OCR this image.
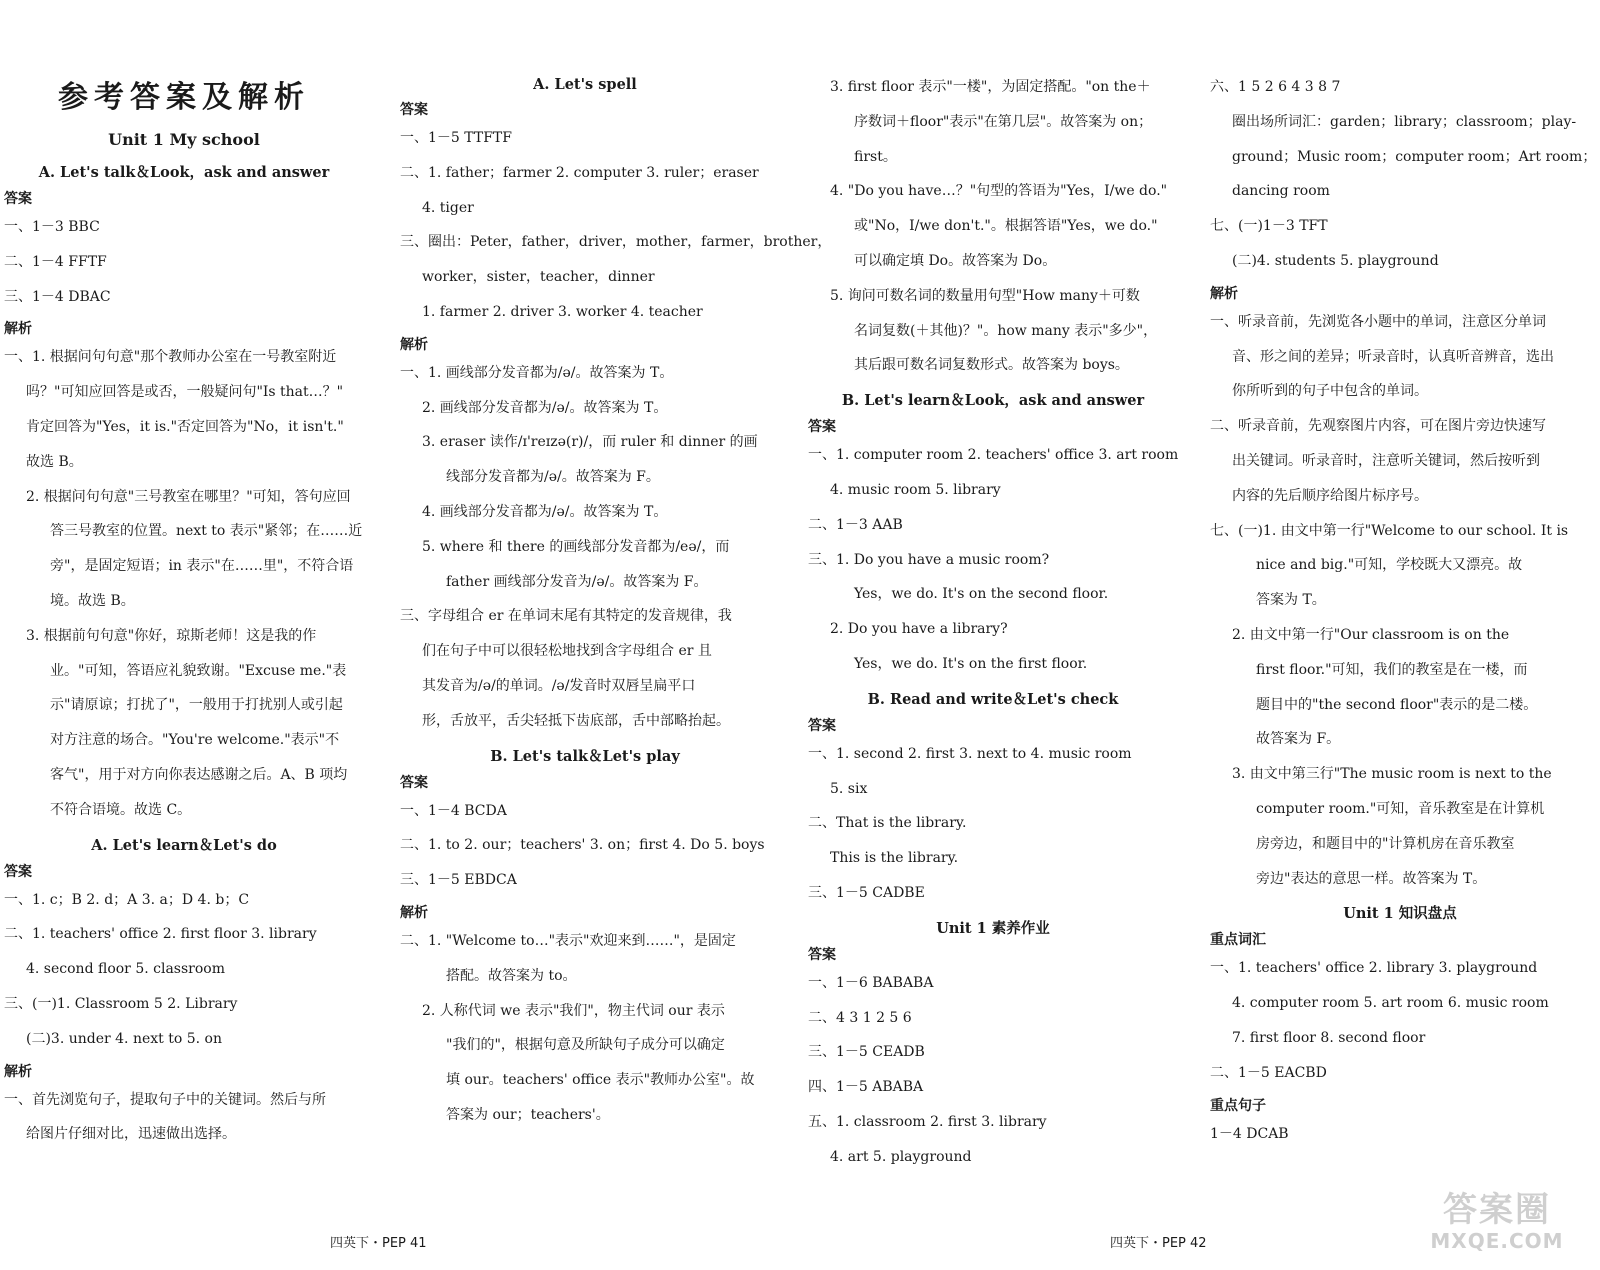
参考答案及解析
Unit 1 My school
A. Let's talk＆Look，ask and answer
答案
一、1－3 BBC
二、1－4 FFTF
三、1－4 DBAC
解析
一、1. 根据问句句意"那个教师办公室在一号教室附近
吗？"可知应回答是或否，一般疑问句"Is that…？"
肯定回答为"Yes，it is."否定回答为"No，it isn't."
故选 B。
2. 根据问句句意"三号教室在哪里？"可知，答句应回
答三号教室的位置。next to 表示"紧邻；在……近
旁"，是固定短语；in 表示"在……里"，不符合语
境。故选 B。
3. 根据前句句意"你好，琼斯老师！这是我的作
业。"可知，答语应礼貌致谢。"Excuse me."表
示"请原谅；打扰了"，一般用于打扰别人或引起
对方注意的场合。"You're welcome."表示"不
客气"，用于对方向你表达感谢之后。A、B 项均
不符合语境。故选 C。
A. Let's learn＆Let's do
答案
一、1. c；B 2. d；A 3. a；D 4. b；C
二、1. teachers' office 2. first floor 3. library
4. second floor 5. classroom
三、(一)1. Classroom 5 2. Library
(二)3. under 4. next to 5. on
解析
一、首先浏览句子，提取句子中的关键词。然后与所
给图片仔细对比，迅速做出选择。
A. Let's spell
答案
一、1－5 TTFTF
二、1. father；farmer 2. computer 3. ruler；eraser
4. tiger
三、圈出：Peter，father，driver，mother，farmer，brother，
worker，sister，teacher，dinner
1. farmer 2. driver 3. worker 4. teacher
解析
一、1. 画线部分发音都为/ə/。故答案为 T。
2. 画线部分发音都为/ə/。故答案为 T。
3. eraser 读作/ɪ'reɪzə(r)/，而 ruler 和 dinner 的画
线部分发音都为/ə/。故答案为 F。
4. 画线部分发音都为/ə/。故答案为 T。
5. where 和 there 的画线部分发音都为/eə/，而
father 画线部分发音为/ə/。故答案为 F。
三、字母组合 er 在单词末尾有其特定的发音规律，我
们在句子中可以很轻松地找到含字母组合 er 且
其发音为/ə/的单词。/ə/发音时双唇呈扁平口
形，舌放平，舌尖轻抵下齿底部，舌中部略抬起。
B. Let's talk＆Let's play
答案
一、1－4 BCDA
二、1. to 2. our；teachers' 3. on；first 4. Do 5. boys
三、1－5 EBDCA
解析
二、1. "Welcome to…"表示"欢迎来到……"，是固定
搭配。故答案为 to。
2. 人称代词 we 表示"我们"，物主代词 our 表示
"我们的"，根据句意及所缺句子成分可以确定
填 our。teachers' office 表示"教师办公室"。故
答案为 our；teachers'。
3. first floor 表示"一楼"，为固定搭配。"on the＋
序数词＋floor"表示"在第几层"。故答案为 on；
first。
4. "Do you have…？"句型的答语为"Yes，I/we do."
或"No，I/we don't."。根据答语"Yes，we do."
可以确定填 Do。故答案为 Do。
5. 询问可数名词的数量用句型"How many＋可数
名词复数(＋其他)？"。how many 表示"多少"，
其后跟可数名词复数形式。故答案为 boys。
B. Let's learn＆Look，ask and answer
答案
一、1. computer room 2. teachers' office 3. art room
4. music room 5. library
二、1－3 AAB
三、1. Do you have a music room?
Yes，we do. It's on the second floor.
2. Do you have a library?
Yes，we do. It's on the first floor.
B. Read and write＆Let's check
答案
一、1. second 2. first 3. next to 4. music room
5. six
二、That is the library.
This is the library.
三、1－5 CADBE
Unit 1 素养作业
答案
一、1－6 BABABA
二、4 3 1 2 5 6
三、1－5 CEADB
四、1－5 ABABA
五、1. classroom 2. first 3. library
4. art 5. playground
六、1 5 2 6 4 3 8 7
圈出场所词汇：garden；library；classroom；play-
ground；Music room；computer room；Art room；
dancing room
七、(一)1－3 TFT
(二)4. students 5. playground
解析
一、听录音前，先浏览各小题中的单词，注意区分单词
音、形之间的差异；听录音时，认真听音辨音，选出
你所听到的句子中包含的单词。
二、听录音前，先观察图片内容，可在图片旁边快速写
出关键词。听录音时，注意听关键词，然后按听到
内容的先后顺序给图片标序号。
七、(一)1. 由文中第一行"Welcome to our school. It is
nice and big."可知，学校既大又漂亮。故
答案为 T。
2. 由文中第一行"Our classroom is on the
first floor."可知，我们的教室是在一楼，而
题目中的"the second floor"表示的是二楼。
故答案为 F。
3. 由文中第三行"The music room is next to the
computer room."可知，音乐教室是在计算机
房旁边，和题目中的"计算机房在音乐教室
旁边"表达的意思一样。故答案为 T。
Unit 1 知识盘点
重点词汇
一、1. teachers' office 2. library 3. playground
4. computer room 5. art room 6. music room
7. first floor 8. second floor
二、1－5 EACBD
重点句子
1－4 DCAB
四英下・PEP 41	四英下・PEP 42
答案圈
MXQE.COM
